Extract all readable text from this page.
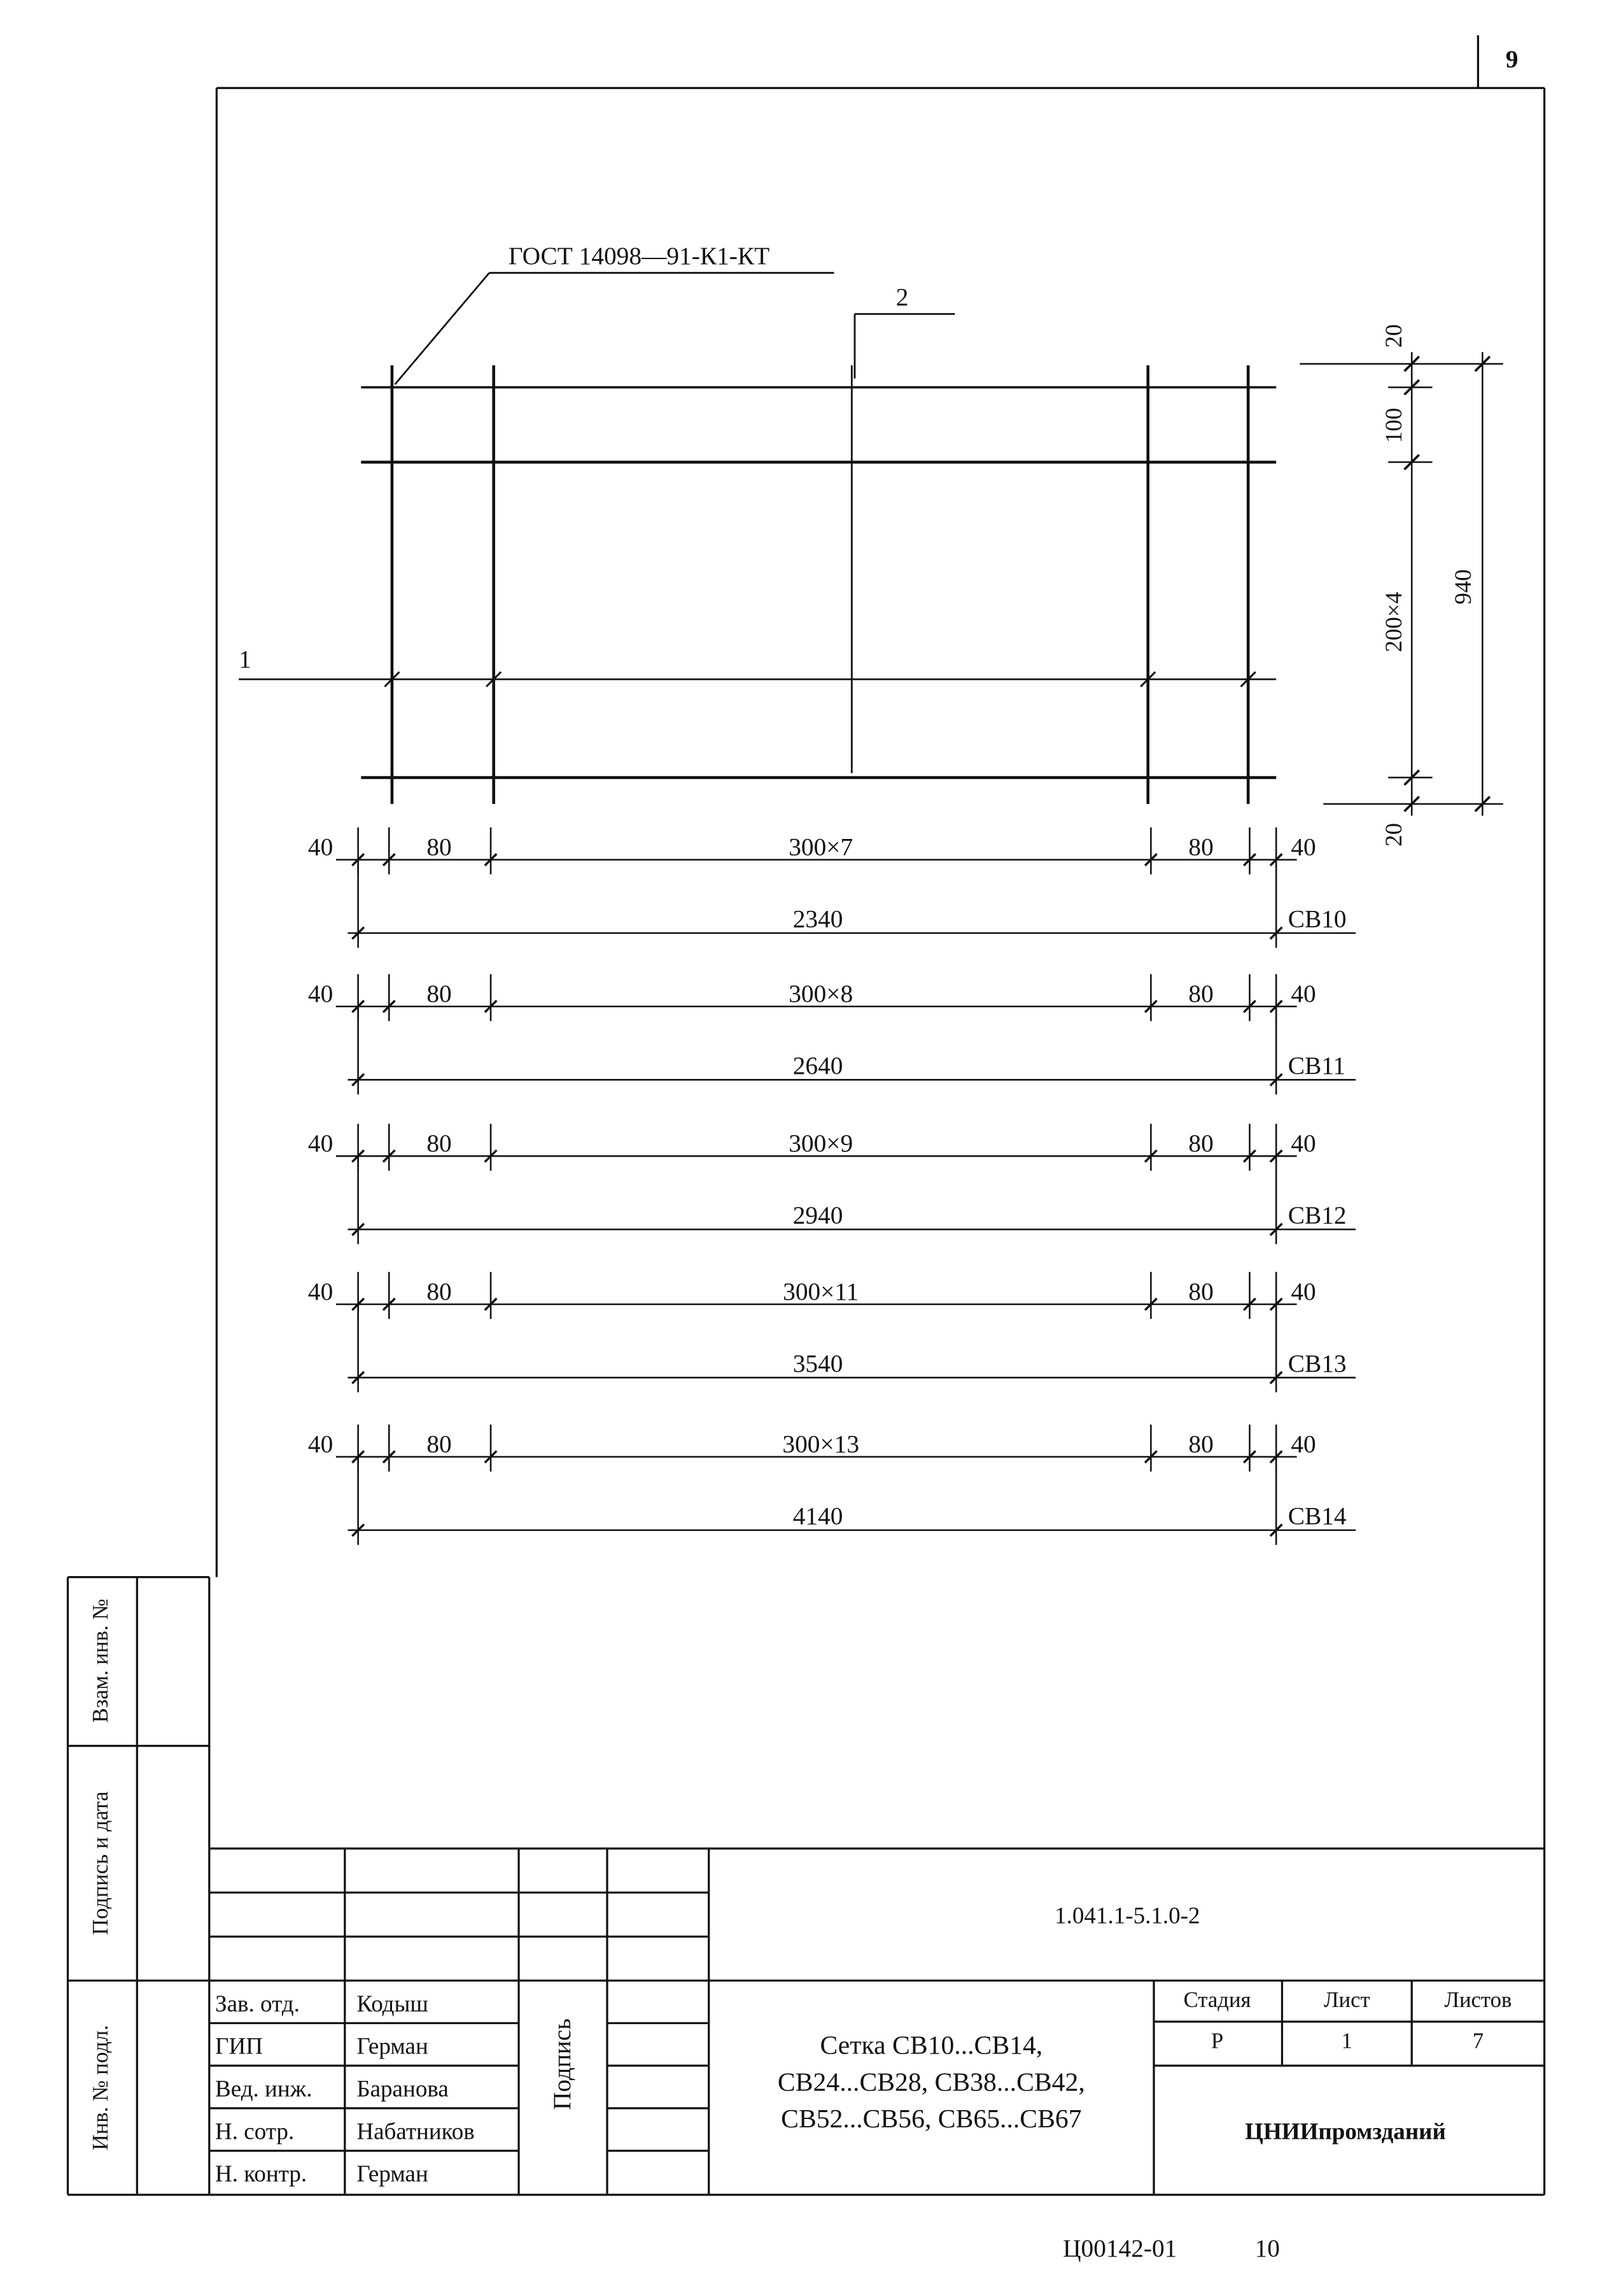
9
ГОСТ 14098—91-К1-КТ
2
1
20
100
200×4
20
940
40	80	300×7	80	40
2340	СВ10
40	80	300×8	80	40
2640	СВ11
40	80	300×9	80	40
2940	СВ12
40	80	300×11	80	40
3540	СВ13
40	80	300×13	80	40
4140	СВ14
Взам. инв. №
Подпись и дата
Инв. № подл.
1.041.1-5.1.0-2
Подпись
Зав. отд.	Кодыш
ГИП	Герман
Вед. инж.	Баранова
Н. сотр.	Набатников
Н. контр.	Герман
Сетка СВ10...СВ14,
СВ24...СВ28, СВ38...СВ42,
СВ52...СВ56, СВ65...СВ67
Стадия	Лист	Листов
Р	1	7
ЦНИИпромзданий
Ц00142-01	10
